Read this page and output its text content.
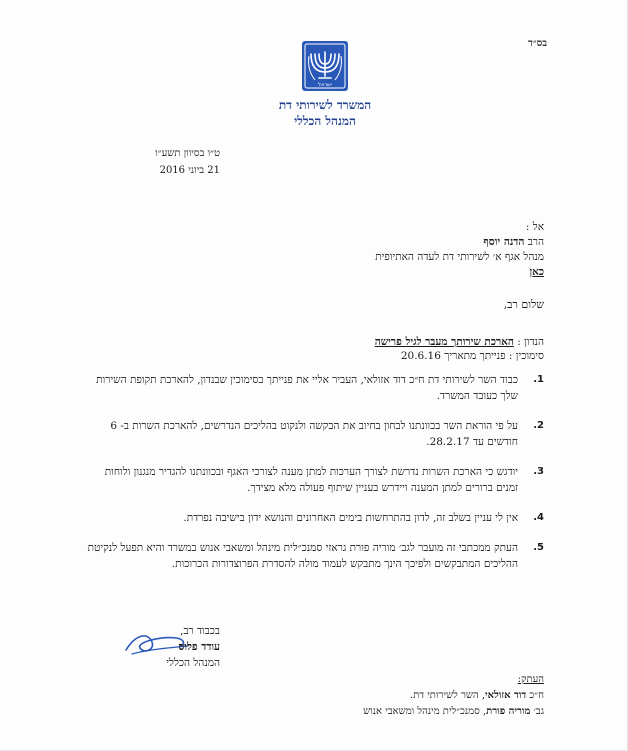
בס״ד
ישראל
המשרד לשירותי דת
המנהל הכללי
ט״ו בסיוון תשע״ו
21 ביוני 2016
אל :
הרב הדנה יוסף
מנהל אגף א׳ לשירותי דת לעדה האתיופית
כאן
שלום רב,
הנדון : הארכת שירותך מעבר לגיל פרישה
סימוכין : פנייתך מתאריך 20.6.16
1.
כבוד השר לשירותי דת ח״כ דוד אזולאי, העביר אליי את פנייתך בסימוכין שבנדון, להארכת תקופת השירות שלך כעובד המשרד.
2.
על פי הוראת השר בכוונתנו לבחון בחיוב את הבקשה ולנקוט בהליכים הנדרשים, להארכת השרות ב- 6 חודשים עד 28.2.17.
3.
יודגש כי הארכת השרות נדרשת לצורך הערכות למתן מענה לצורכי האגף ובכוונתנו להגדיר מנגנון ולוחות זמנים ברורים למתן המענה ויידרש בעניין שיתוף פעולה מלא מצידך.
4.
אין לי עניין בשלב זה, לדון בהתרחשות בימים האחרונים והנושא ידון בישיבה נפרדת.
5.
העתק ממכתבי זה מועבר לגב׳ מוריה פורת גראזי סמנכ״לית מינהל ומשאבי אנוש במשרד והיא תפעל לנקיטת ההליכים המתבקשים ולפיכך הינך מתבקש לעמוד מולה להסדרת הפרוצדורות הכרוכות.
בכבוד רב,
עודד פלוס
המנהל הכללי
העתק:
ח״כ דוד אזולאי, השר לשירותי דת.
גב׳ מוריה פורת, סמנכ״לית מינהל ומשאבי אנוש
